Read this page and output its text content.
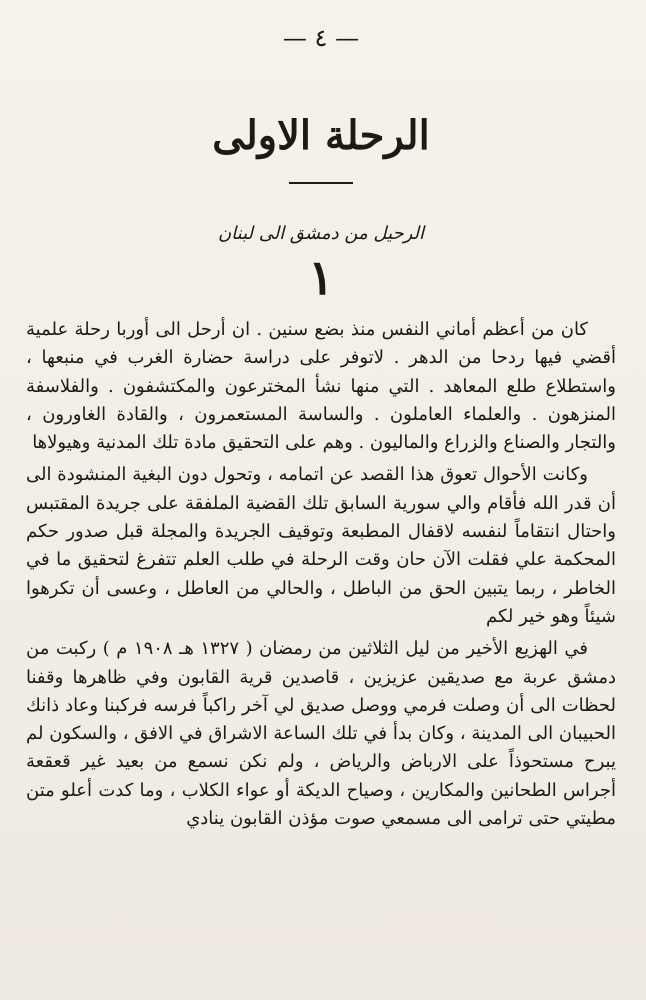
— ٤ —
الرحلة الاولى
الرحيل من دمشق الى لبنان
١

كان من أعظم أماني النفس منذ بضع سنين . ان أرحل الى أوربا رحلة علمية أقضي فيها ردحا من الدهر . لاتوفر على دراسة حضارة الغرب في منبعها ، واستطلاع طلع المعاهد . التي منها نشأ المخترعون والمكتشفون . والفلاسفة المنزهون . والعلماء العاملون . والساسة المستعمرون ، والقادة الغاورون ، والتجار والصناع والزراع والماليون . وهم على التحقيق مادة تلك المدنية وهيولاها

وكانت الأحوال تعوق هذا القصد عن اتمامه ، وتحول دون البغية المنشودة الى أن قدر الله فأقام والي سورية السابق تلك القضية الملفقة على جريدة المقتبس واحتال انتقاماً لنفسه لاقفال المطبعة وتوقيف الجريدة والمجلة قبل صدور حكم المحكمة علي فقلت الآن حان وقت الرحلة في طلب العلم تتفرغ لتحقيق ما في الخاطر ، ربما يتبين الحق من الباطل ، والحالي من العاطل ، وعسى أن تكرهوا شيئاً وهو خير لكم

في الهزيع الأخير من ليل الثلاثين من رمضان ( ١٣٢٧ هـ ١٩٠٨ م ) ركبت من دمشق عربة مع صديقين عزيزين ، قاصدين قرية القابون وفي ظاهرها وقفنا لحظات الى أن وصلت فرمي ووصل صديق لي آخر راكباً فرسه فركبنا وعاد ذانك الحبيبان الى المدينة ، وكان بدأ في تلك الساعة الاشراق في الافق ، والسكون لم يبرح مستحوذاً على الارباض والرياض ، ولم نكن نسمع من بعيد غير قعقعة أجراس الطحانين والمكارين ، وصياح الديكة أو عواء الكلاب ، وما كدت أعلو متن مطيتي حتى ترامى الى مسمعي صوت مؤذن القابون ينادي
